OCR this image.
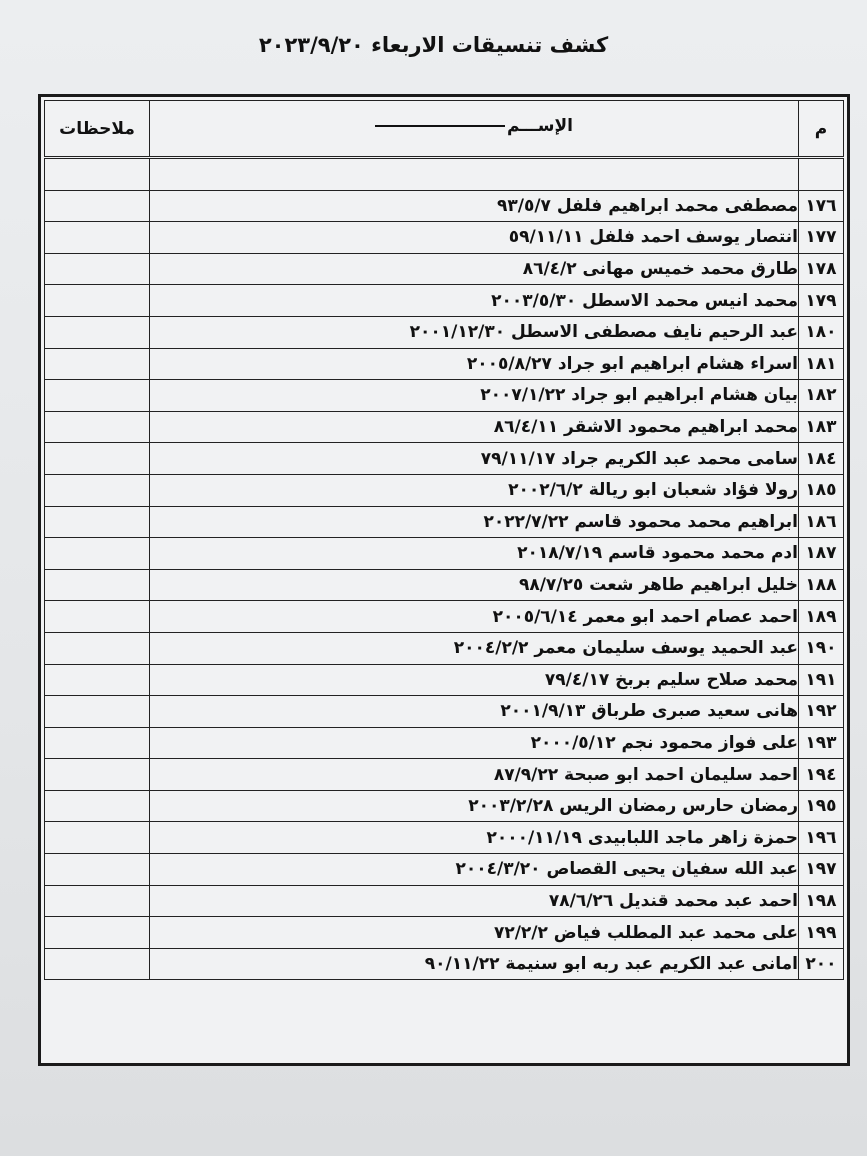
كشف تنسيقات الاربعاء ٢٠٢٣/٩/٢٠
م	الإســـم	ملاحظات

١٧٦	مصطفى محمد ابراهيم فلفل ٩٣/٥/٧	
١٧٧	انتصار يوسف احمد فلفل ٥٩/١١/١١	
١٧٨	طارق محمد خميس مهانى ٨٦/٤/٢	
١٧٩	محمد انيس محمد الاسطل ٢٠٠٣/٥/٣٠	
١٨٠	عبد الرحيم نايف مصطفى الاسطل ٢٠٠١/١٢/٣٠	
١٨١	اسراء هشام ابراهيم ابو جراد ٢٠٠٥/٨/٢٧	
١٨٢	بيان هشام ابراهيم ابو جراد ٢٠٠٧/١/٢٢	
١٨٣	محمد ابراهيم محمود الاشقر ٨٦/٤/١١	
١٨٤	سامى محمد عبد الكريم جراد ٧٩/١١/١٧	
١٨٥	رولا فؤاد شعبان ابو ريالة ٢٠٠٢/٦/٢	
١٨٦	ابراهيم محمد محمود قاسم ٢٠٢٢/٧/٢٢	
١٨٧	ادم محمد محمود قاسم ٢٠١٨/٧/١٩	
١٨٨	خليل ابراهيم طاهر شعت ٩٨/٧/٢٥	
١٨٩	احمد عصام احمد ابو معمر ٢٠٠٥/٦/١٤	
١٩٠	عبد الحميد يوسف سليمان معمر ٢٠٠٤/٢/٢	
١٩١	محمد صلاح سليم بربخ ٧٩/٤/١٧	
١٩٢	هانى سعيد صبرى طرباق ٢٠٠١/٩/١٣	
١٩٣	على فواز محمود نجم ٢٠٠٠/٥/١٢	
١٩٤	احمد سليمان احمد ابو صبحة ٨٧/٩/٢٢	
١٩٥	رمضان حارس رمضان الريس ٢٠٠٣/٢/٢٨	
١٩٦	حمزة زاهر ماجد اللبابيدى ٢٠٠٠/١١/١٩	
١٩٧	عبد الله سفيان يحيى القصاص ٢٠٠٤/٣/٢٠	
١٩٨	احمد عبد محمد قنديل ٧٨/٦/٢٦	
١٩٩	على محمد عبد المطلب فياض ٧٢/٢/٢	
٢٠٠	امانى عبد الكريم عبد ربه ابو سنيمة ٩٠/١١/٢٢	
